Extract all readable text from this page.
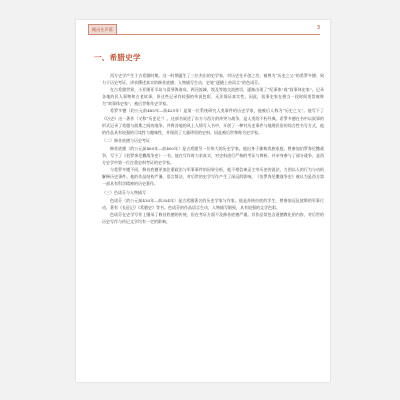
概况先声篇	3
一、希腊史学

西方史学产生于古希腊时期。这一时期诞生了三位杰出的史学家，对历史先开创之功，被尊为“历史之父”的希罗多德；致力于历史考证、讲求撰述真实的修昔底德；人物描写生动、史笔“逐随上帝而言”的色诺芬。

在古希腊世界，小亚细亚半岛与爱琴海诸岛，两河流域，埃及等地交流密切，逐渐出现了“纪事体”或“叙事体史家”。记录各地的民人事物和古老故事，但这些记录有较强的传说色彩，无法保证真实性。因此，叙事史家在相当一段时间里常被称为“故事体史家”，被后世称作史学家。

希罗多德（约公元前485年—前425年）是第一位系统研究人类事件的历史学家，他被后人称为“历史之父”。他写下了《历史》这一著作（又称“历史记”）。这部书叙述了东方与西方的冲突与战争，是人类的不朽经典。希罗多德在书中以叙事的形式记录了希腊与波斯之间的战争，并将各地的风土人情写入书中，开创了一种对历史事件与地理民俗的综合性书写方式，他的作品具有较强的可读性与趣味性，并保留了大量珍贵的史料，因此被后世尊称为史学家。

（二）修昔底德与历史考证

修昔底德（约公元前460年—前400年）是古希腊另一位伟大的历史学家。他出身于雅典贵族家庭，曾参加伯罗奔尼撒战争，写下了《伯罗奔尼撒战争史》一书。他在写作时力求真实，对史料进行严格的考证与辨析，并亲身参与了部分战争，是西方史学中第一位注重史料考证的史学家。

与希罗多德不同，修昔底德更加注重政治与军事事件的因果分析，他不相信神灵主宰历史的说法，力图以人的行为与动机解释历史事件。他的作品结构严谨，语言简洁，对后世的史学写作产生了深远的影响。《伯罗奔尼撒战争史》被认为是西方第一部具有科学精神的历史著作。

（三）色诺芬与人物描写

色诺芬（约公元前430年—前354年）是古希腊著名的历史学家与作家。他是苏格拉底的学生，曾参加远征波斯的军事行动，著有《长征记》《希腊史》等书。色诺芬的作品语言生动，人物描写细致，具有较强的文学色彩。

色诺芬在史学写作上继承了修昔底德的传统，但在考证方面不及修昔底德严谨。其作品常包含道德教化的内容，对后世的历史写作与传记文学均有一定的影响。
